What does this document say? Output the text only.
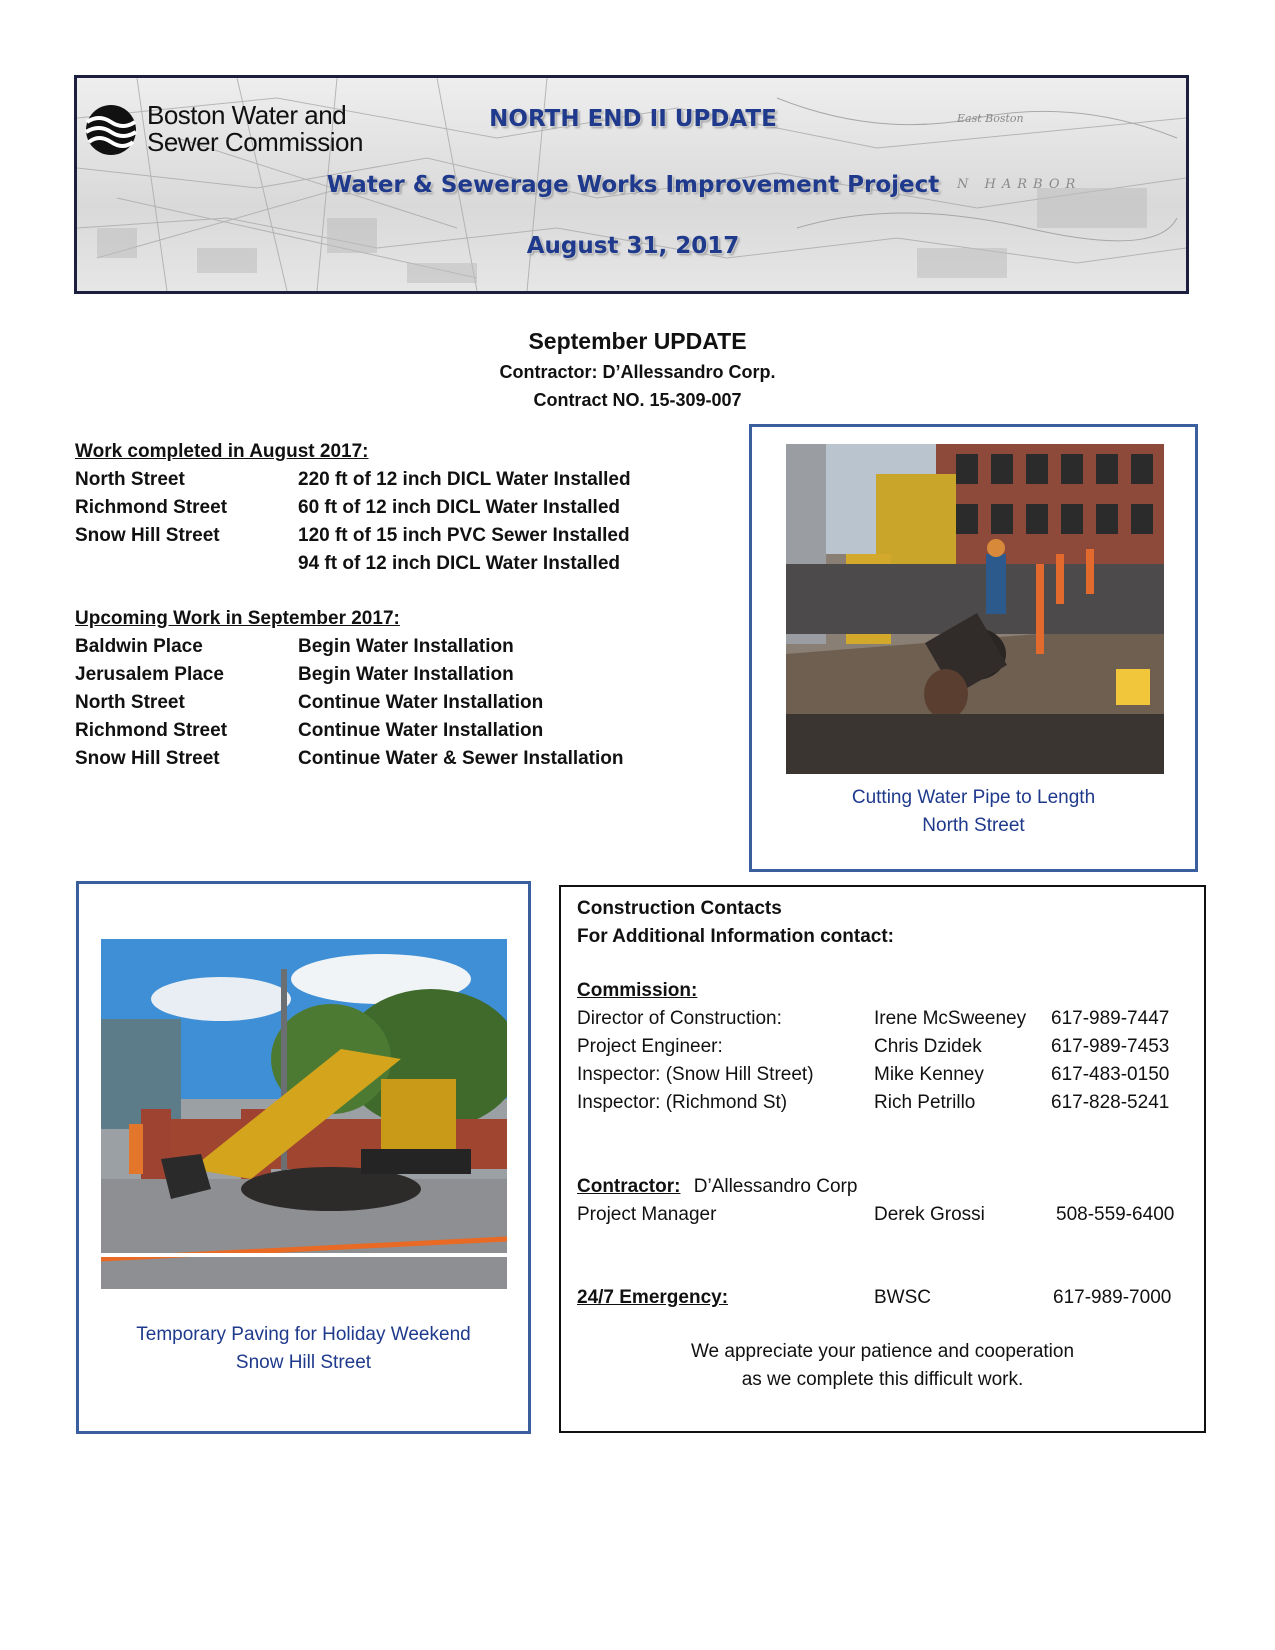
East Boston
N HARBOR
Boston Water and
Sewer Commission
NORTH END II UPDATE
Water & Sewerage Works Improvement Project
August 31, 2017
September UPDATE
Contractor: D’Allessandro Corp.
Contract NO. 15-309-007
Work completed in August 2017:
North Street	220 ft of 12 inch DICL Water Installed
Richmond Street	60 ft of 12 inch DICL Water Installed
Snow Hill Street	120 ft of 15 inch PVC Sewer Installed
94 ft of 12 inch DICL Water Installed
Upcoming Work in September 2017:
Baldwin Place	Begin Water Installation
Jerusalem Place	Begin Water Installation
North Street	Continue Water Installation
Richmond Street	Continue Water Installation
Snow Hill Street	Continue Water & Sewer Installation
Cutting Water Pipe to Length
North Street
Temporary Paving for Holiday Weekend
Snow Hill Street
Construction Contacts
For Additional Information contact:
Commission:
Director of Construction:	Irene McSweeney 617-989-7447
Project Engineer:	Chris Dzidek	617-989-7453
Inspector: (Snow Hill Street)	Mike Kenney	617-483-0150
Inspector: (Richmond St)	Rich Petrillo	617-828-5241
Contractor: D’Allessandro Corp
Project Manager	Derek Grossi	508-559-6400
24/7 Emergency:	BWSC	617-989-7000
We appreciate your patience and cooperation
as we complete this difficult work.
